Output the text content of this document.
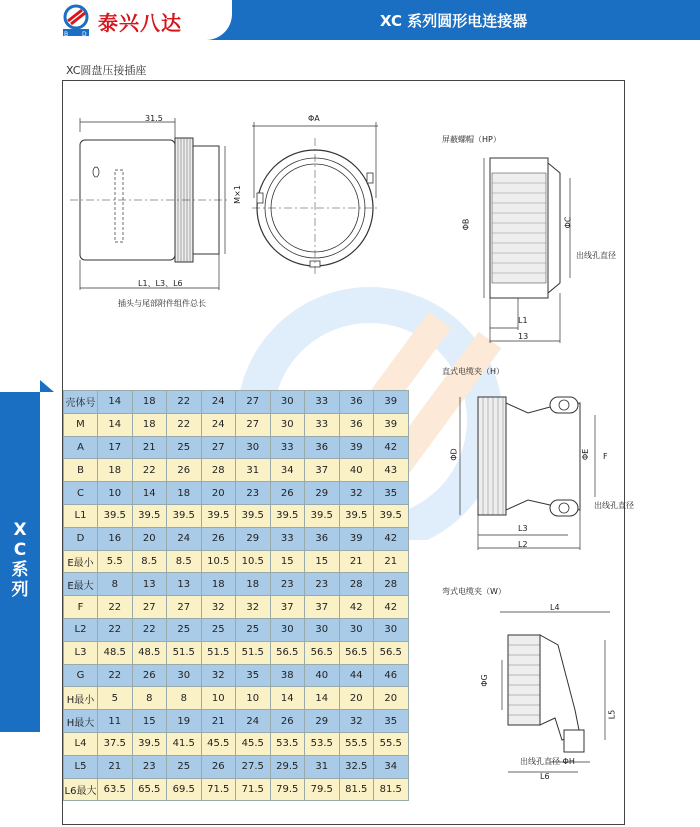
B D 泰兴八达	XC 系列圆形电连接器
X
C
系
列
XC圆盘压接插座
31.5
M×1
L1、L3、L6
插头与尾部附件组件总长
ΦA
屏蔽螺帽（HP）
ΦB	ΦC
出线孔直径
L1
13
直式电缆夹（H）
ΦD	ΦE F
出线孔直径
L3
L2
弯式电缆夹（W）
L4
ΦG
L5
出线孔直径 ΦH
L6
壳体号	14	18	22	24	27	30	33	36	39
M	14	18	22	24	27	30	33	36	39
A	17	21	25	27	30	33	36	39	42
B	18	22	26	28	31	34	37	40	43
C	10	14	18	20	23	26	29	32	35
L1	39.5	39.5	39.5	39.5	39.5	39.5	39.5	39.5	39.5
D	16	20	24	26	29	33	36	39	42
E最小	5.5	8.5	8.5	10.5	10.5	15	15	21	21
E最大	8	13	13	18	18	23	23	28	28
F	22	27	27	32	32	37	37	42	42
L2	22	22	25	25	25	30	30	30	30
L3	48.5	48.5	51.5	51.5	51.5	56.5	56.5	56.5	56.5
G	22	26	30	32	35	38	40	44	46
H最小	5	8	8	10	10	14	14	20	20
H最大	11	15	19	21	24	26	29	32	35
L4	37.5	39.5	41.5	45.5	45.5	53.5	53.5	55.5	55.5
L5	21	23	25	26	27.5	29.5	31	32.5	34
L6最大	63.5	65.5	69.5	71.5	71.5	79.5	79.5	81.5	81.5
